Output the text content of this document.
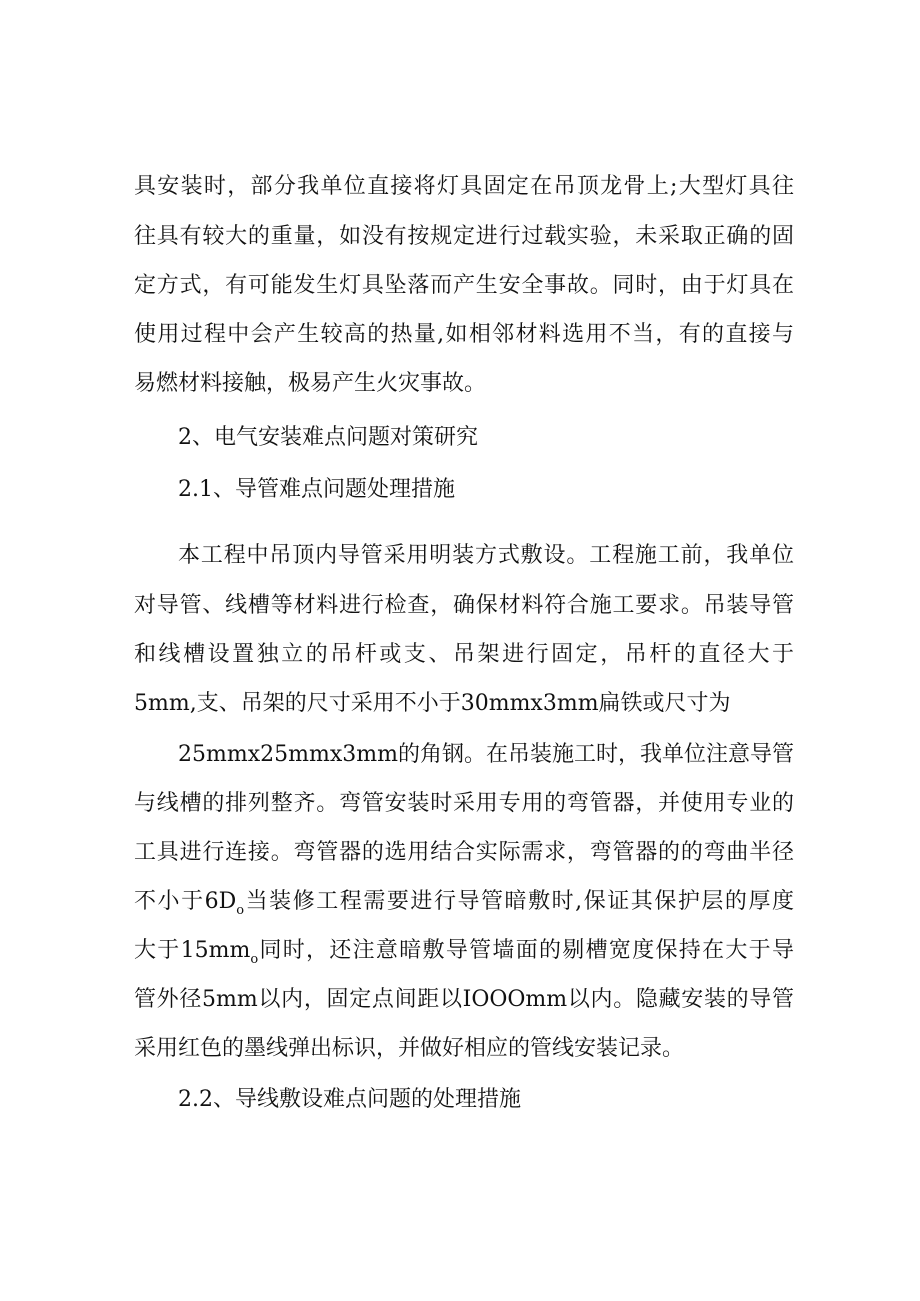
具安装时，部分我单位直接将灯具固定在吊顶龙骨上;大型灯具往
往具有较大的重量，如没有按规定进行过载实验，未采取正确的固
定方式，有可能发生灯具坠落而产生安全事故。同时，由于灯具在
使用过程中会产生较高的热量,如相邻材料选用不当，有的直接与
易燃材料接触，极易产生火灾事故。
2、电气安装难点问题对策研究
2.1、导管难点问题处理措施
本工程中吊顶内导管采用明装方式敷设。工程施工前，我单位
对导管、线槽等材料进行检查，确保材料符合施工要求。吊装导管
和线槽设置独立的吊杆或支、吊架进行固定，吊杆的直径大于
5mm,支、吊架的尺寸采用不小于30mmx3mm扁铁或尺寸为
25mmx25mmx3mm的角钢。在吊装施工时，我单位注意导管
与线槽的排列整齐。弯管安装时采用专用的弯管器，并使用专业的
工具进行连接。弯管器的选用结合实际需求，弯管器的的弯曲半径
不小于$6D_o$当装修工程需要进行导管暗敷时,保证其保护层的厚度
大于$15mm_o$同时，还注意暗敷导管墙面的剔槽宽度保持在大于导
管外径5mm以内，固定点间距以IOOOmm以内。隐藏安装的导管
采用红色的墨线弹出标识，并做好相应的管线安装记录。
2.2、导线敷设难点问题的处理措施
